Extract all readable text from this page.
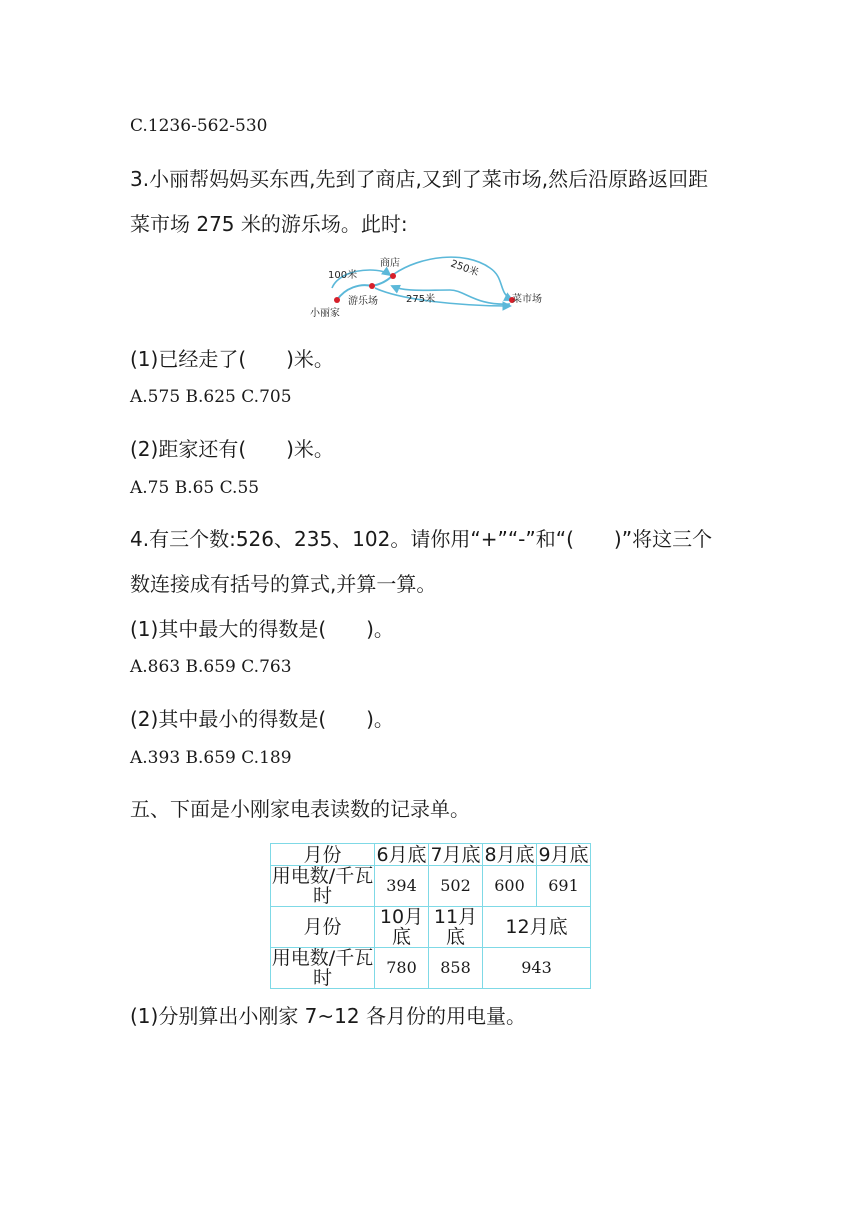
C.1236-562-530
3.小丽帮妈妈买东西,先到了商店,又到了菜市场,然后沿原路返回距
菜市场 275 米的游乐场。此时:
100米
商店	250米
游乐场	275米	菜市场
小丽家
(1)已经走了(　　)米。
A.575 B.625 C.705
(2)距家还有(　　)米。
A.75 B.65 C.55
4.有三个数:526、235、102。请你用“+”“-”和“(　　)”将这三个
数连接成有括号的算式,并算一算。
(1)其中最大的得数是(　　)。
A.863 B.659 C.763
(2)其中最小的得数是(　　)。
A.393 B.659 C.189
五、下面是小刚家电表读数的记录单。
月份	6月底	7月底	8月底	9月底
用电数/千瓦时	394	502	600	691
月份	10月底	11月底	12月底	
用电数/千瓦时	780	858	943	
(1)分别算出小刚家 7~12 各月份的用电量。
